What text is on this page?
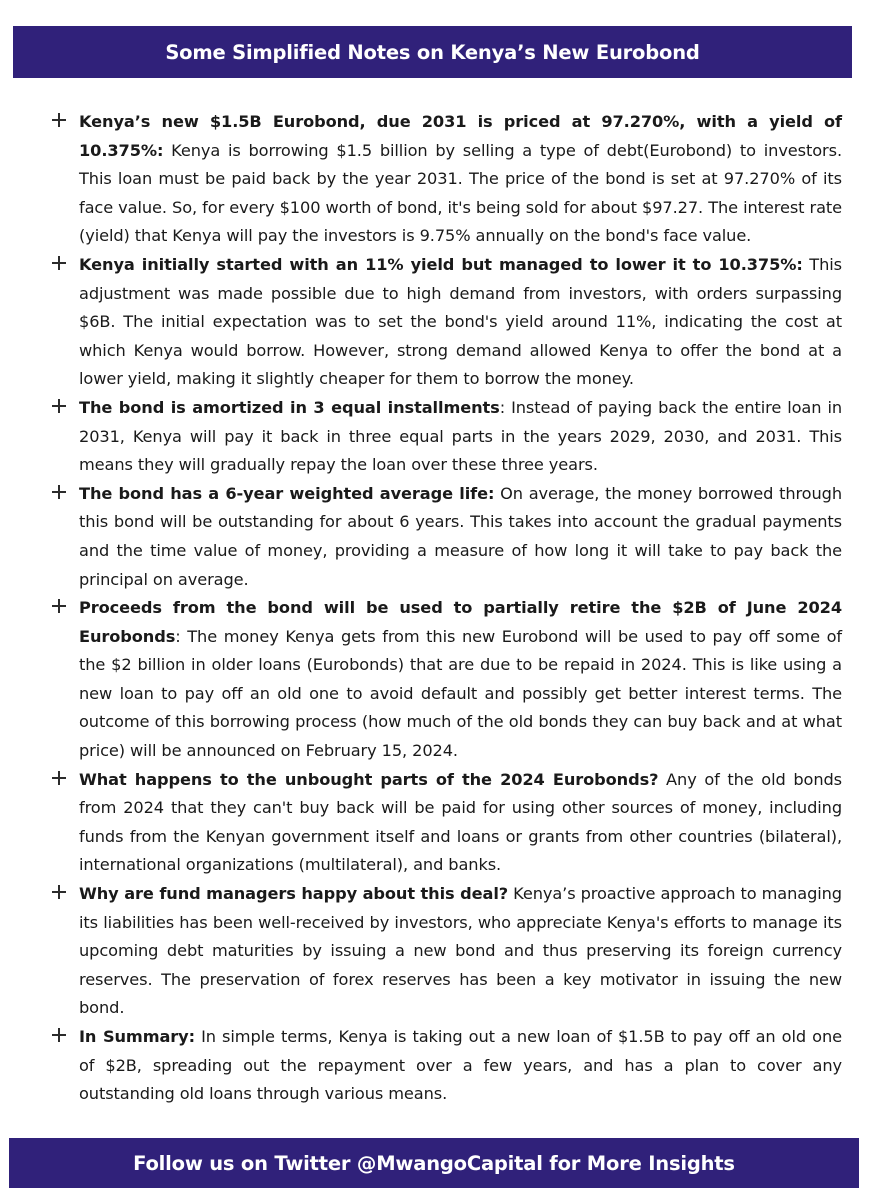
Some Simplified Notes on Kenya’s New Eurobond
Kenya’s new $1.5B Eurobond, due 2031 is priced at 97.270%, with a yield of 10.375%: Kenya is borrowing $1.5 billion by selling a type of debt(Eurobond) to investors. This loan must be paid back by the year 2031. The price of the bond is set at 97.270% of its face value. So, for every $100 worth of bond, it's being sold for about $97.27. The interest rate (yield) that Kenya will pay the investors is 9.75% annually on the bond's face value.
Kenya initially started with an 11% yield but managed to lower it to 10.375%: This adjustment was made possible due to high demand from investors, with orders surpassing $6B. The initial expectation was to set the bond's yield around 11%, indicating the cost at which Kenya would borrow. However, strong demand allowed Kenya to offer the bond at a lower yield, making it slightly cheaper for them to borrow the money.
The bond is amortized in 3 equal installments: Instead of paying back the entire loan in 2031, Kenya will pay it back in three equal parts in the years 2029, 2030, and 2031. This means they will gradually repay the loan over these three years.
The bond has a 6-year weighted average life: On average, the money borrowed through this bond will be outstanding for about 6 years. This takes into account the gradual payments and the time value of money, providing a measure of how long it will take to pay back the principal on average.
Proceeds from the bond will be used to partially retire the $2B of June 2024 Eurobonds: The money Kenya gets from this new Eurobond will be used to pay off some of the $2 billion in older loans (Eurobonds) that are due to be repaid in 2024. This is like using a new loan to pay off an old one to avoid default and possibly get better interest terms. The outcome of this borrowing process (how much of the old bonds they can buy back and at what price) will be announced on February 15, 2024.
What happens to the unbought parts of the 2024 Eurobonds? Any of the old bonds from 2024 that they can't buy back will be paid for using other sources of money, including funds from the Kenyan government itself and loans or grants from other countries (bilateral), international organizations (multilateral), and banks.
Why are fund managers happy about this deal? Kenya’s proactive approach to managing its liabilities has been well-received by investors, who appreciate Kenya's efforts to manage its upcoming debt maturities by issuing a new bond and thus preserving its foreign currency reserves. The preservation of forex reserves has been a key motivator in issuing the new bond.
In Summary: In simple terms, Kenya is taking out a new loan of $1.5B to pay off an old one of $2B, spreading out the repayment over a few years, and has a plan to cover any outstanding old loans through various means.
Follow us on Twitter @MwangoCapital for More Insights
